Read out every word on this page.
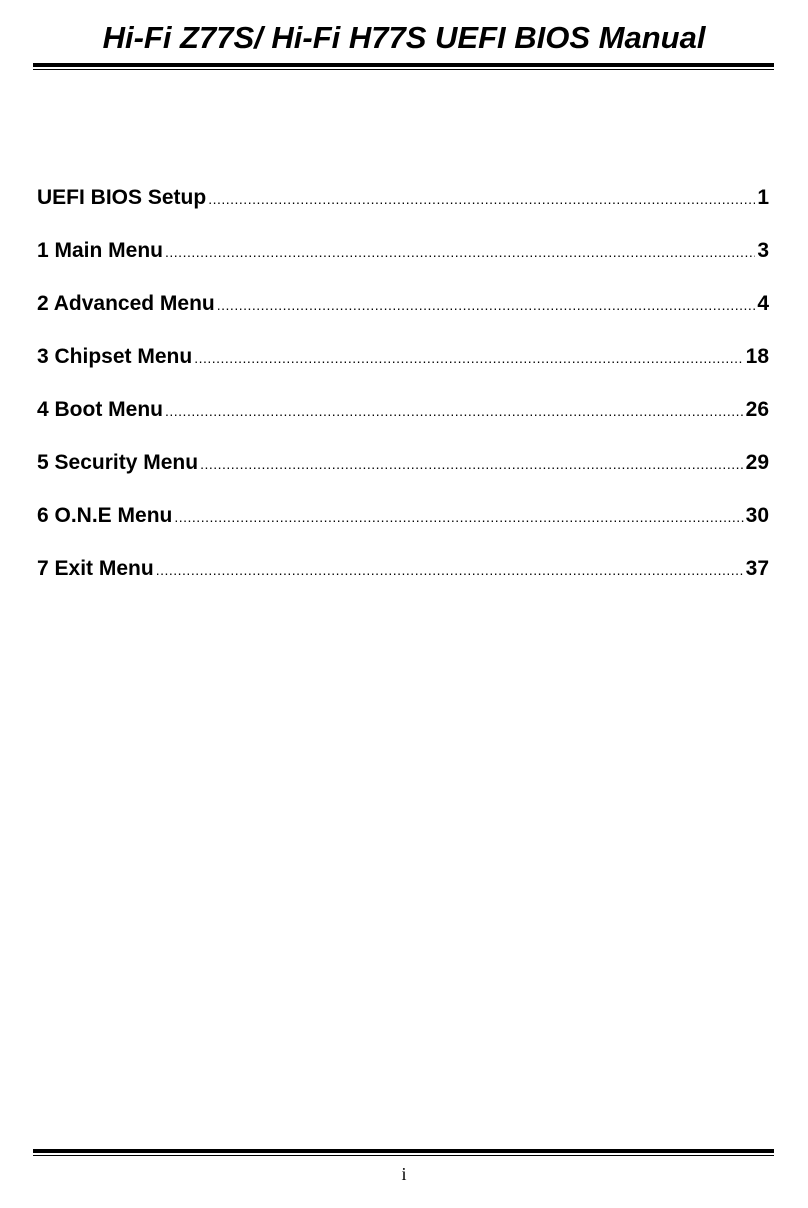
Hi-Fi Z77S/ Hi-Fi H77S UEFI BIOS Manual
UEFI BIOS Setup .....	1
1 Main Menu .....	3
2 Advanced Menu .....	4
3 Chipset Menu .....	18
4 Boot Menu .....	26
5 Security Menu .....	29
6 O.N.E Menu .....	30
7 Exit Menu .....	37
i
